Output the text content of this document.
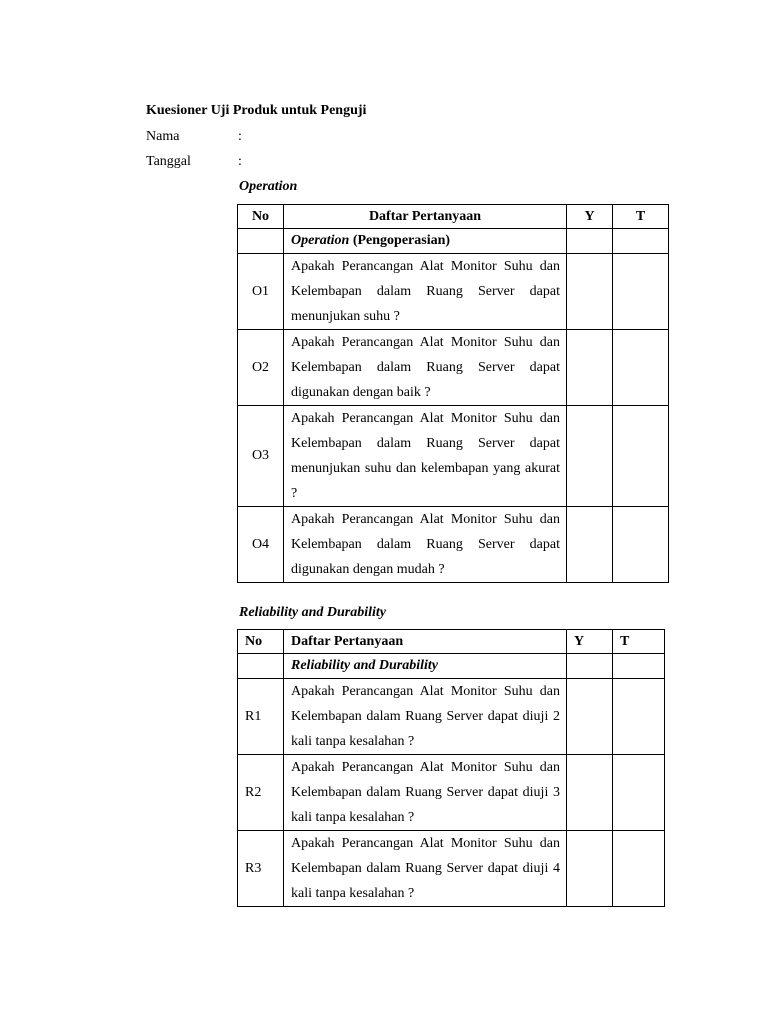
Kuesioner Uji Produk untuk Penguji
Nama	:
Tanggal	:
Operation
No	Daftar Pertanyaan	Y	T
	Operation (Pengoperasian)		
O1	Apakah Perancangan Alat Monitor Suhu dan Kelembapan dalam Ruang Server dapat menunjukan suhu ?		
O2	Apakah Perancangan Alat Monitor Suhu dan Kelembapan dalam Ruang Server dapat digunakan dengan baik ?		
O3	Apakah Perancangan Alat Monitor Suhu dan Kelembapan dalam Ruang Server dapat menunjukan suhu dan kelembapan yang akurat ?		
O4	Apakah Perancangan Alat Monitor Suhu dan Kelembapan dalam Ruang Server dapat digunakan dengan mudah ?		
Reliability and Durability
No	Daftar Pertanyaan	Y	T
	Reliability and Durability		
R1	Apakah Perancangan Alat Monitor Suhu dan Kelembapan dalam Ruang Server dapat diuji 2 kali tanpa kesalahan ?		
R2	Apakah Perancangan Alat Monitor Suhu dan Kelembapan dalam Ruang Server dapat diuji 3 kali tanpa kesalahan ?		
R3	Apakah Perancangan Alat Monitor Suhu dan Kelembapan dalam Ruang Server dapat diuji 4 kali tanpa kesalahan ?		
